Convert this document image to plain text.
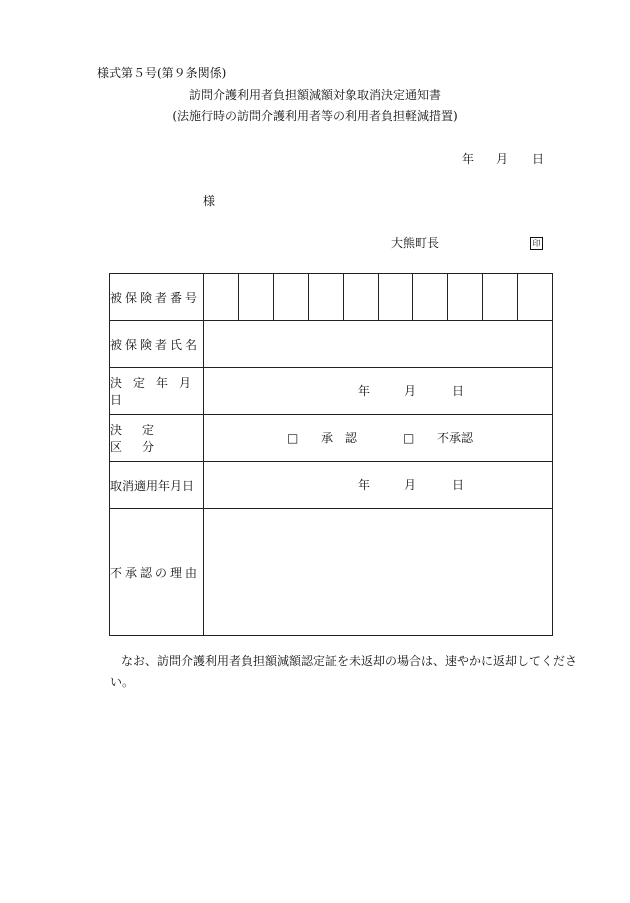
様式第５号(第９条関係)
訪問介護利用者負担額減額対象取消決定通知書
(法施行時の訪問介護利用者等の利用者負担軽減措置)
年 月 日
様
大熊町長	印
被保険者番号	

被保険者氏名	
決定年月日	年 月 日

決定区分	□ 承 認 □ 不承認

取消適用年月日	年 月 日

不承認の理由	
なお、訪問介護利用者負担額減額認定証を未返却の場合は、速やかに返却してくださ
い。
